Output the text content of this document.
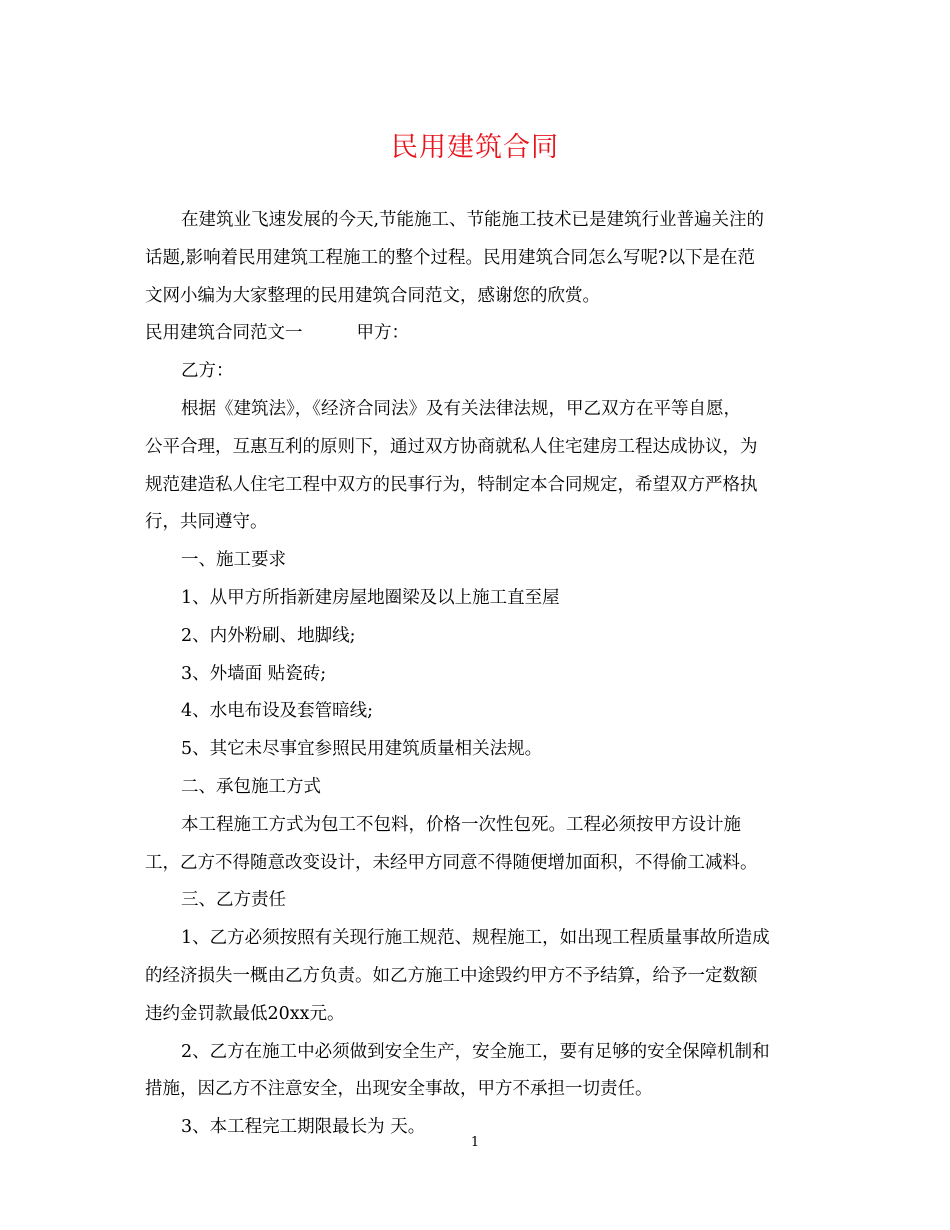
民用建筑合同
在建筑业飞速发展的今天,节能施工、节能施工技术已是建筑行业普遍关注的
话题,影响着民用建筑工程施工的整个过程。民用建筑合同怎么写呢?以下是在范
文网小编为大家整理的民用建筑合同范文，感谢您的欣赏。
民用建筑合同范文一	甲方：
乙方：
根据《建筑法》，《经济合同法》及有关法律法规，甲乙双方在平等自愿，
公平合理，互惠互利的原则下，通过双方协商就私人住宅建房工程达成协议，为
规范建造私人住宅工程中双方的民事行为，特制定本合同规定，希望双方严格执
行，共同遵守。
一、施工要求
1、从甲方所指新建房屋地圈梁及以上施工直至屋
2、内外粉刷、地脚线;
3、外墙面 贴瓷砖;
4、水电布设及套管暗线;
5、其它未尽事宜参照民用建筑质量相关法规。
二、承包施工方式
本工程施工方式为包工不包料，价格一次性包死。工程必须按甲方设计施
工，乙方不得随意改变设计，未经甲方同意不得随便增加面积，不得偷工减料。
三、乙方责任
1、乙方必须按照有关现行施工规范、规程施工，如出现工程质量事故所造成
的经济损失一概由乙方负责。如乙方施工中途毁约甲方不予结算，给予一定数额
违约金罚款最低20xx元。
2、乙方在施工中必须做到安全生产，安全施工，要有足够的安全保障机制和
措施，因乙方不注意安全，出现安全事故，甲方不承担一切责任。
3、本工程完工期限最长为 天。
1
